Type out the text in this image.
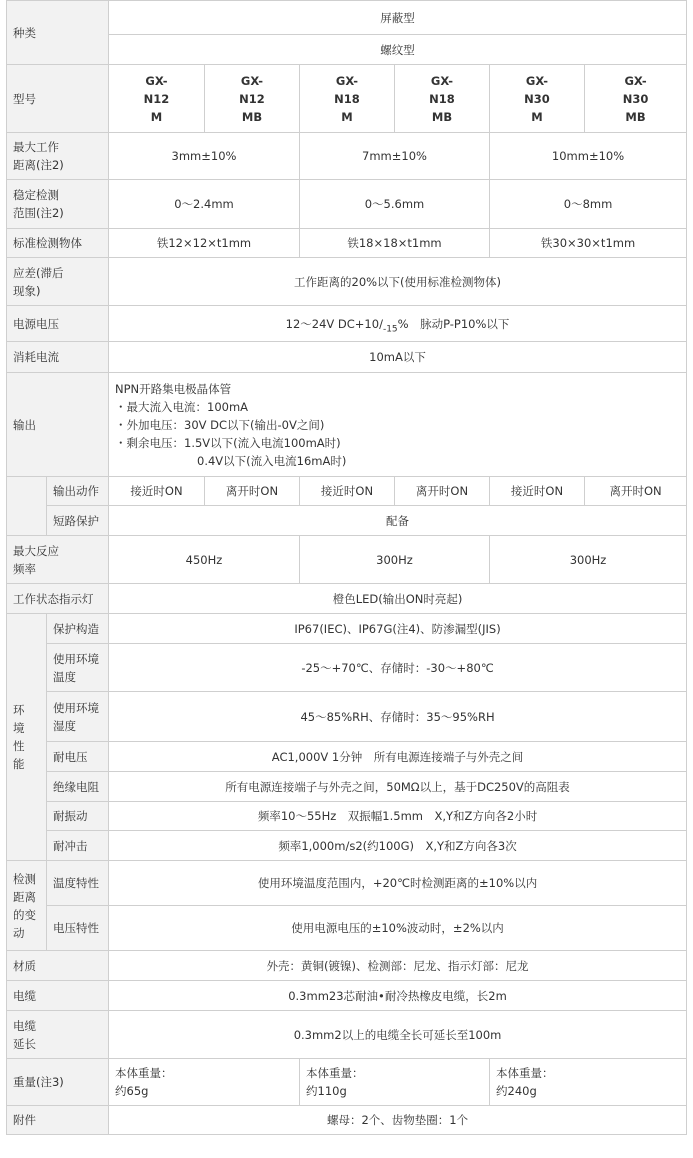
种类		屏蔽型					
		螺纹型					
型号		GX-
N12
M	GX-
N12
MB	GX-
N18
M	GX-
N18
MB	GX-
N30
M	GX-
N30
MB

最大工作
距离(注2)		3mm±10%		7mm±10%		10mm±10%	

稳定检测
范围(注2)		0～2.4mm		0～5.6mm		0～8mm	
标准检测物体		铁12×12×t1mm		铁18×18×t1mm		铁30×30×t1mm	

应差(滞后
现象)		工作距离的20%以下(使用标准检测物体)					
电源电压		12～24V $DC+10/_{-15}\%$　脉动P-P10%以下					
消耗电流		10mA以下					
输出		NPN开路集电极晶体管
・最大流入电流：100mA
・外加电压：30V DC以下(输出-0V之间)
・剩余电压：1.5V以下(流入电流100mA时)
0.4V以下(流入电流16mA时)					

	输出动作	接近时ON	离开时ON	接近时ON	离开时ON	接近时ON	离开时ON
	短路保护	配备					

最大反应
频率		450Hz		300Hz		300Hz	
工作状态指示灯		橙色LED(输出ON时亮起)					

环
境
性
能	保护构造	IP67(IEC)、IP67G(注4)、防渗漏型(JIS)					

	使用环境
温度	-25～+70℃、存储时：-30～+80℃					

	使用环境
湿度	45～85%RH、存储时：35～95%RH					
	耐电压	AC1,000V 1分钟　所有电源连接端子与外壳之间					
	绝缘电阻	所有电源连接端子与外壳之间，50MΩ以上，基于DC250V的高阻表					
	耐振动	频率10～55Hz　双振幅1.5mm　X,Y和Z方向各2小时					
	耐冲击	频率1,000m/s2(约100G)　X,Y和Z方向各3次					

检测
距离
的变
动	温度特性	使用环境温度范围内，+20℃时检测距离的±10%以内					
	电压特性	使用电源电压的±10%波动时，±2%以内					
材质		外壳：黄铜(镀镍)、检测部：尼龙、指示灯部：尼龙					
电缆		0.3mm23芯耐油•耐冷热橡皮电缆，长2m					

电缆
延长		0.3mm2以上的电缆全长可延长至100m					
重量(注3)		本体重量：
约65g		本体重量：
约110g		本体重量：
约240g	

附件		螺母：2个、齿物垫圈：1个					
